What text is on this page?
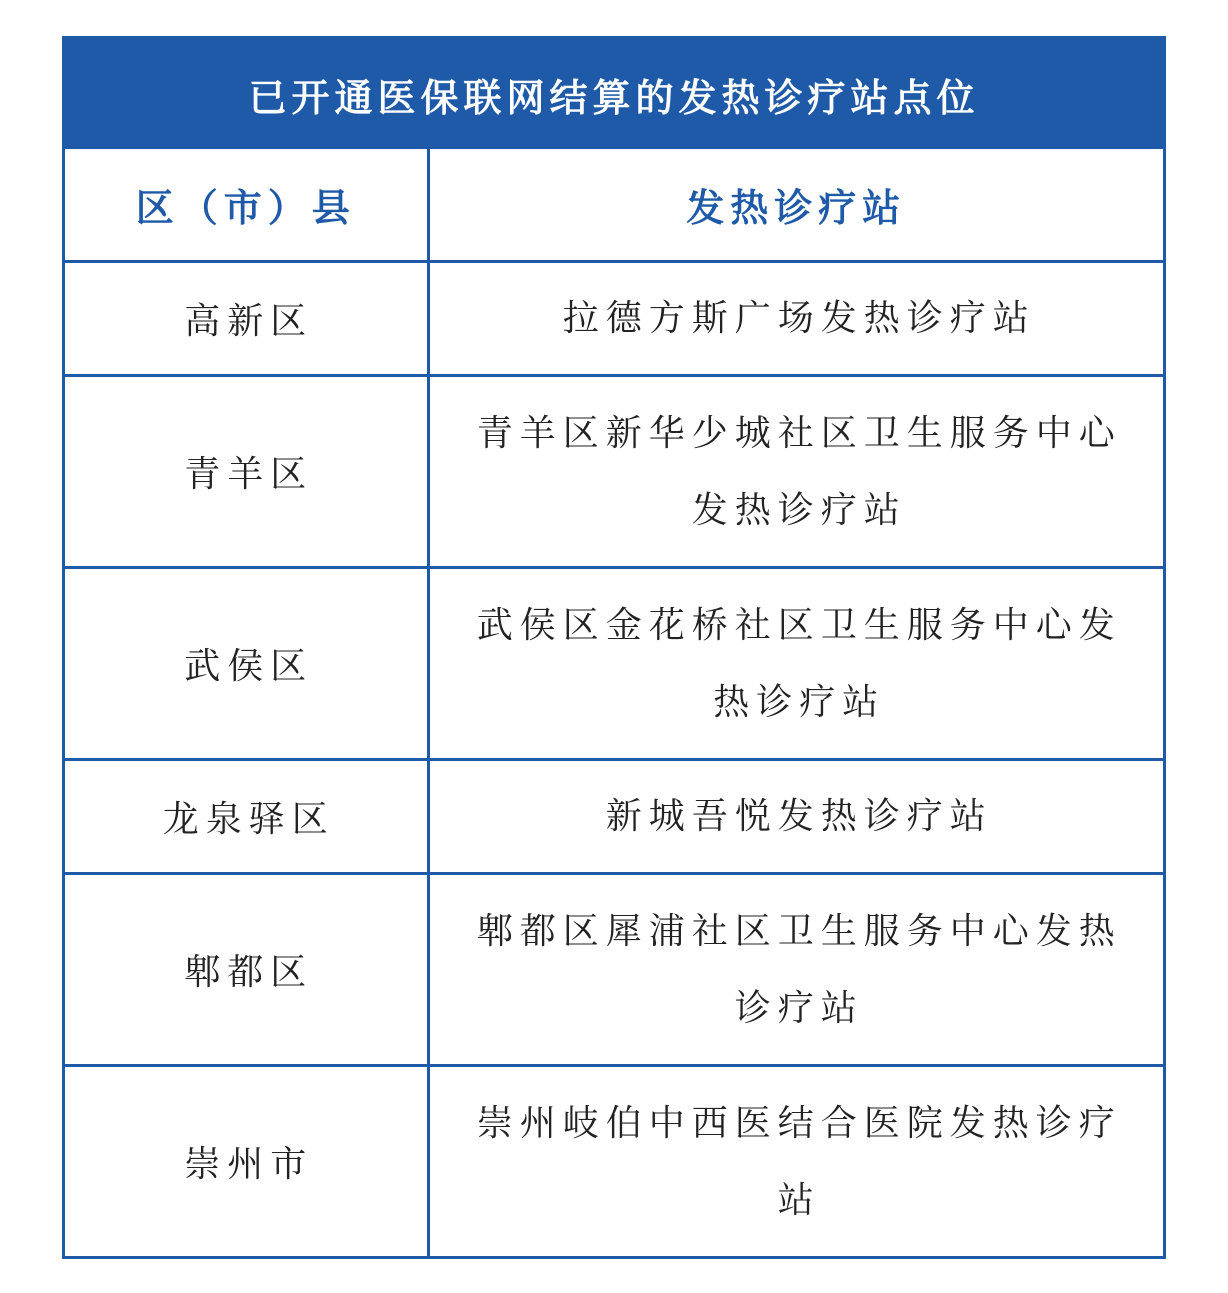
已开通医保联网结算的发热诊疗站点位
区（市）县	发热诊疗站
高新区	拉德方斯广场发热诊疗站
青羊区	青羊区新华少城社区卫生服务中心发热诊疗站
武侯区	武侯区金花桥社区卫生服务中心发热诊疗站
龙泉驿区	新城吾悦发热诊疗站
郫都区	郫都区犀浦社区卫生服务中心发热诊疗站
崇州市	崇州岐伯中西医结合医院发热诊疗站
